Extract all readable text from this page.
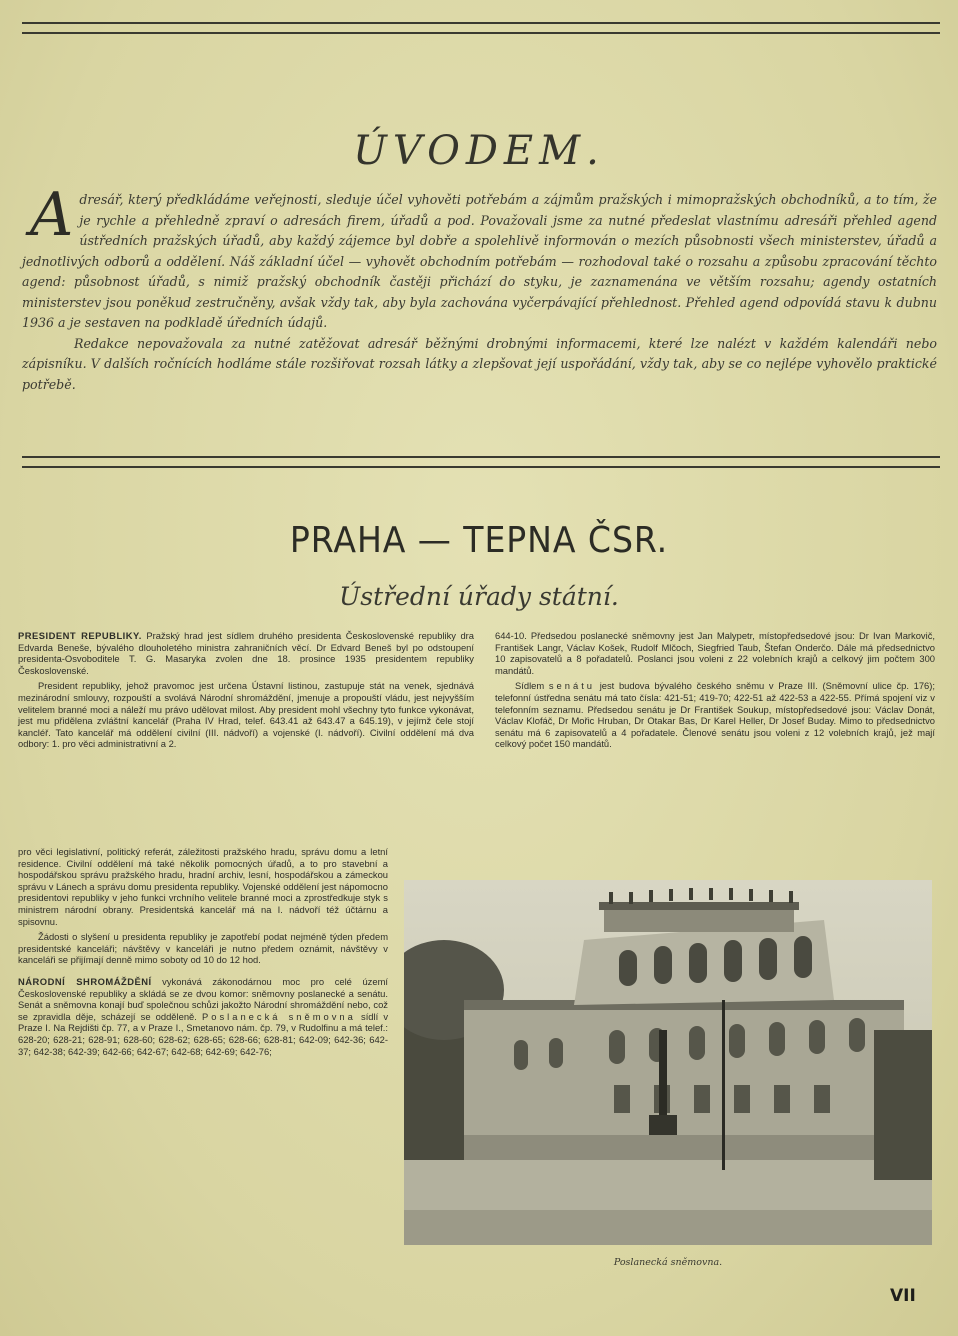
ÚVODEM.

Adresář, který předkládáme veřejnosti, sleduje účel vyhověti potřebám a zájmům pražských i mimopražských obchodníků, a to tím, že je rychle a přehledně zpraví o adresách firem, úřadů a pod. Považovali jsme za nutné předeslat vlastnímu adresáři přehled agend ústředních pražských úřadů, aby každý zájemce byl dobře a spolehlivě informován o mezích působnosti všech ministerstev, úřadů a jednotlivých odborů a oddělení. Náš základní účel — vyhovět obchodním potřebám — rozhodoval také o rozsahu a způsobu zpracování těchto agend: působnost úřadů, s nimiž pražský obchodník častěji přichází do styku, je zaznamenána ve větším rozsahu; agendy ostatních ministerstev jsou poněkud zestručněny, avšak vždy tak, aby byla zachována vyčerpávající přehlednost. Přehled agend odpovídá stavu k dubnu 1936 a je sestaven na podkladě úředních údajů.

Redakce nepovažovala za nutné zatěžovat adresář běžnými drobnými informacemi, které lze nalézt v každém kalendáři nebo zápisníku. V dalších ročnících hodláme stále rozšiřovat rozsah látky a zlepšovat její uspořádání, vždy tak, aby se co nejlépe vyhovělo praktické potřebě.

PRAHA — TEPNA ČSR.
Ústřední úřady státní.

PRESIDENT REPUBLIKY. Pražský hrad jest sídlem druhého presidenta Československé republiky dra Edvarda Beneše, bývalého dlouholetého ministra zahraničních věcí. Dr Edvard Beneš byl po odstoupení presidenta-Osvoboditele T. G. Masaryka zvolen dne 18. prosince 1935 presidentem republiky Československé.

President republiky, jehož pravomoc jest určena Ústavní listinou, zastupuje stát na venek, sjednává mezinárodní smlouvy, rozpouští a svolává Národní shromáždění, jmenuje a propouští vládu, jest nejvyšším velitelem branné moci a náleží mu právo udělovat milost. Aby president mohl všechny tyto funkce vykonávat, jest mu přidělena zvláštní kancelář (Praha IV Hrad, telef. 643.41 až 643.47 a 645.19), v jejímž čele stojí kancléř. Tato kancelář má oddělení civilní (III. nádvoří) a vojenské (I. nádvoří). Civilní oddělení má dva odbory: 1. pro věci administrativní a 2.

pro věci legislativní, politický referát, záležitosti pražského hradu, správu domu a letní residence. Civilní oddělení má také několik pomocných úřadů, a to pro stavební a hospodářskou správu pražského hradu, hradní archiv, lesní, hospodářskou a zámeckou správu v Lánech a správu domu presidenta republiky. Vojenské oddělení jest nápomocno presidentovi republiky v jeho funkci vrchního velitele branné moci a zprostředkuje styk s ministrem národní obrany. Presidentská kancelář má na I. nádvoří též účtárnu a spisovnu.

Žádosti o slyšení u presidenta republiky je zapotřebí podat nejméně týden předem presidentské kanceláři; návštěvy v kanceláři je nutno předem oznámit, návštěvy v kanceláři se přijímají denně mimo soboty od 10 do 12 hod.

NÁRODNÍ SHROMÁŽDĚNÍ vykonává zákonodárnou moc pro celé území Československé republiky a skládá se ze dvou komor: sněmovny poslanecké a senátu. Senát a sněmovna konají buď společnou schůzi jakožto Národní shromáždění nebo, což se zpravidla děje, scházejí se odděleně. Poslanecká sněmovna sídlí v Praze I. Na Rejdišti čp. 77, a v Praze I., Smetanovo nám. čp. 79, v Rudolfinu a má telef.: 628-20; 628-21; 628-91; 628-60; 628-62; 628-65; 628-66; 628-81; 642-09; 642-36; 642-37; 642-38; 642-39; 642-66; 642-67; 642-68; 642-69; 642-76;

644-10. Předsedou poslanecké sněmovny jest Jan Malypetr, místopředsedové jsou: Dr Ivan Markovič, František Langr, Václav Košek, Rudolf Mlčoch, Siegfried Taub, Štefan Onderčo. Dále má předsednictvo 10 zapisovatelů a 8 pořadatelů. Poslanci jsou voleni z 22 volebních krajů a celkový jim počtem 300 mandátů.

Sídlem senátu jest budova bývalého českého sněmu v Praze III. (Sněmovní ulice čp. 176); telefonní ústředna senátu má tato čísla: 421-51; 419-70; 422-51 až 422-53 a 422-55. Přímá spojení viz v telefonním seznamu. Předsedou senátu je Dr František Soukup, místopředsedové jsou: Václav Donát, Václav Klofáč, Dr Mořic Hruban, Dr Otakar Bas, Dr Karel Heller, Dr Josef Buday. Mimo to předsednictvo senátu má 6 zapisovatelů a 4 pořadatele. Členové senátu jsou voleni z 12 volebních krajů, jež mají celkový počet 150 mandátů.

Poslanecká sněmovna.
VII
